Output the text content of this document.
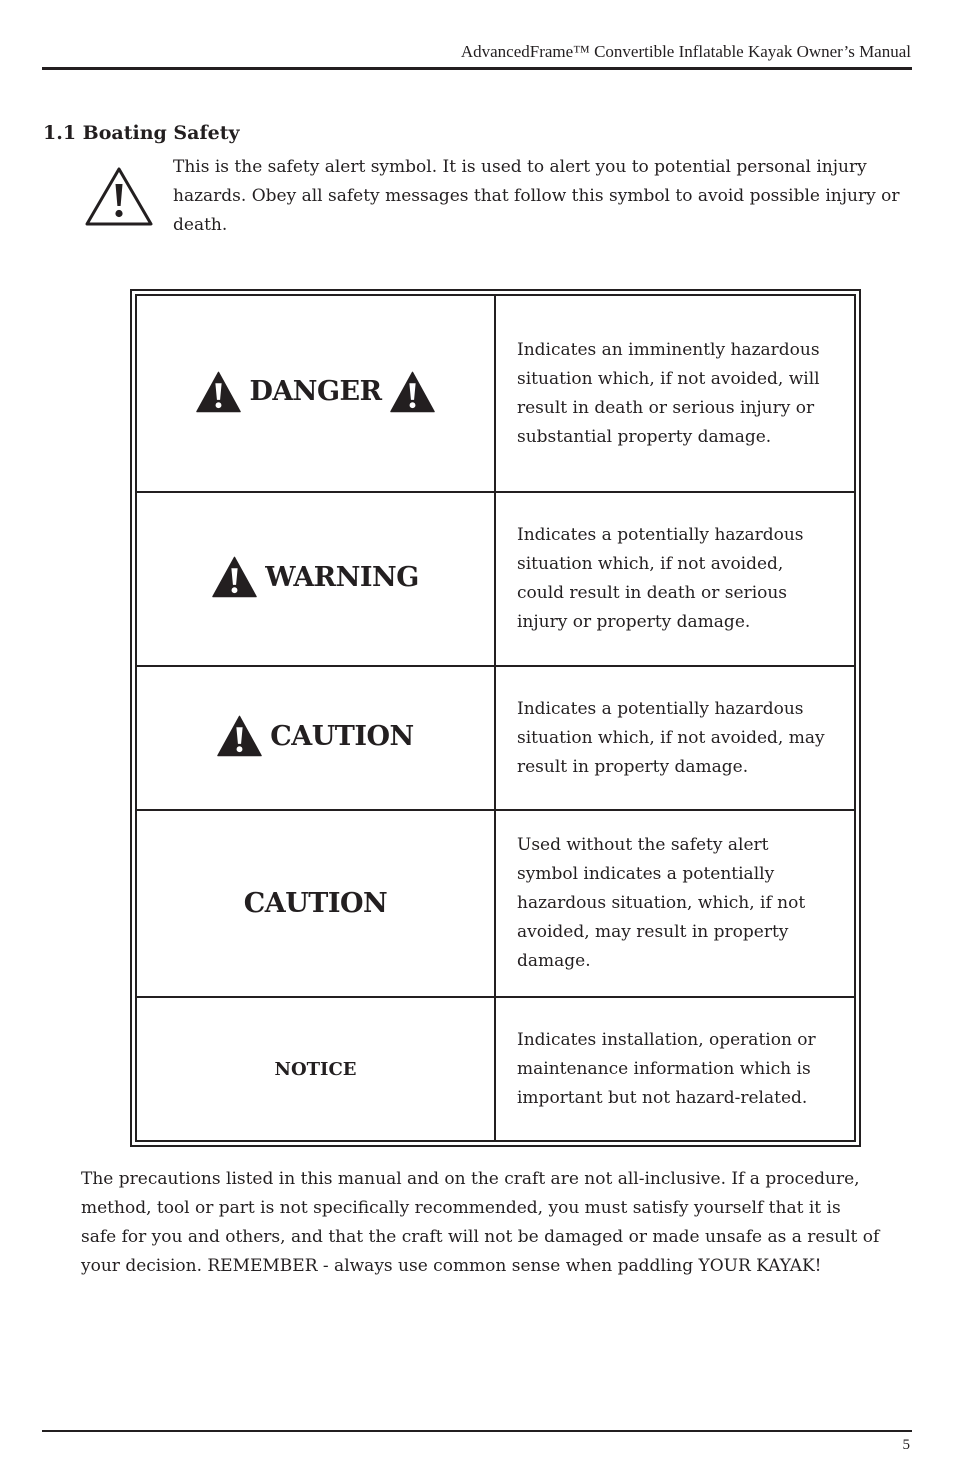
AdvancedFrame™ Convertible Inflatable Kayak Owner’s Manual
1.1 Boating Safety
This is the safety alert symbol. It is used to alert you to potential personal injury hazards. Obey all safety messages that follow this symbol to avoid possible injury or death.
DANGER	Indicates an imminently hazardous situation which, if not avoided, will result in death or serious injury or substantial property damage.

WARNING	Indicates a potentially hazardous situation which, if not avoided, could result in death or serious injury or property damage.

CAUTION	Indicates a potentially hazardous situation which, if not avoided, may result in property damage.

CAUTION	Used without the safety alert symbol indicates a potentially hazardous situation, which, if not avoided, may result in property damage.
NOTICE	Indicates installation, operation or maintenance information which is important but not hazard-related.
The precautions listed in this manual and on the craft are not all-inclusive. If a procedure, method, tool or part is not specifically recommended, you must satisfy yourself that it is safe for you and others, and that the craft will not be damaged or made unsafe as a result of your decision. REMEMBER - always use common sense when paddling YOUR KAYAK!
5
